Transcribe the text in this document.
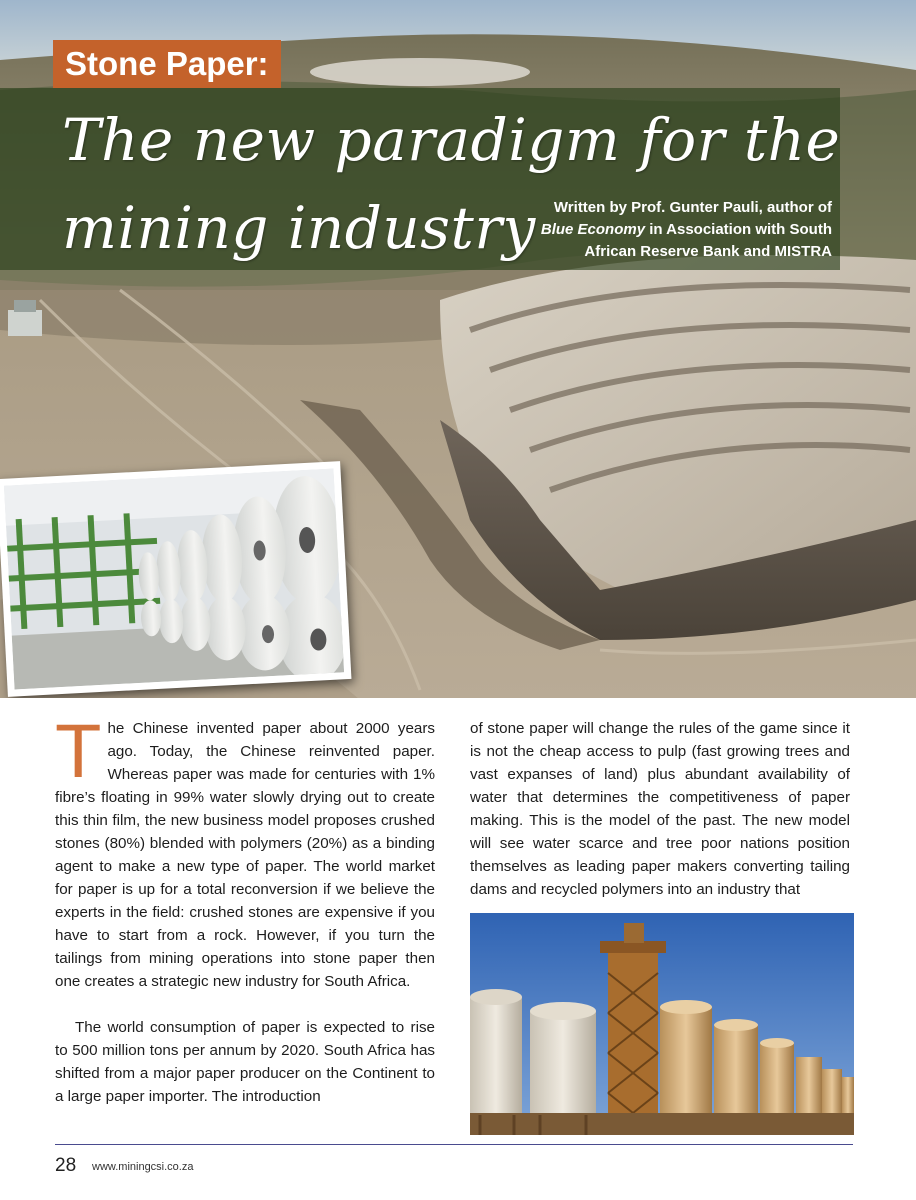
Stone Paper:
The new paradigm for the
mining industry	Written by Prof. Gunter Pauli, author of
Blue Economy in Association with South
African Reserve Bank and MISTRA

The Chinese invented paper about 2000 years ago. Today, the Chinese reinvented paper. Whereas paper was made for centuries with 1% fibre’s floating in 99% water slowly drying out to create this thin film, the new business model proposes crushed stones (80%) blended with polymers (20%) as a binding agent to make a new type of paper. The world market for paper is up for a total reconversion if we believe the experts in the field: crushed stones are expensive if you have to start from a rock. However, if you turn the tailings from mining operations into stone paper then one creates a strategic new industry for South Africa.

The world consumption of paper is expected to rise to 500 million tons per annum by 2020. South Africa has shifted from a major paper producer on the Continent to a large paper importer. The introduction

of stone paper will change the rules of the game since it is not the cheap access to pulp (fast growing trees and vast expanses of land) plus abundant availability of water that determines the competitiveness of paper making. This is the model of the past. The new model will see water scarce and tree poor nations position themselves as leading paper makers converting tailing dams and recycled polymers into an industry that

28 www.miningcsi.co.za
